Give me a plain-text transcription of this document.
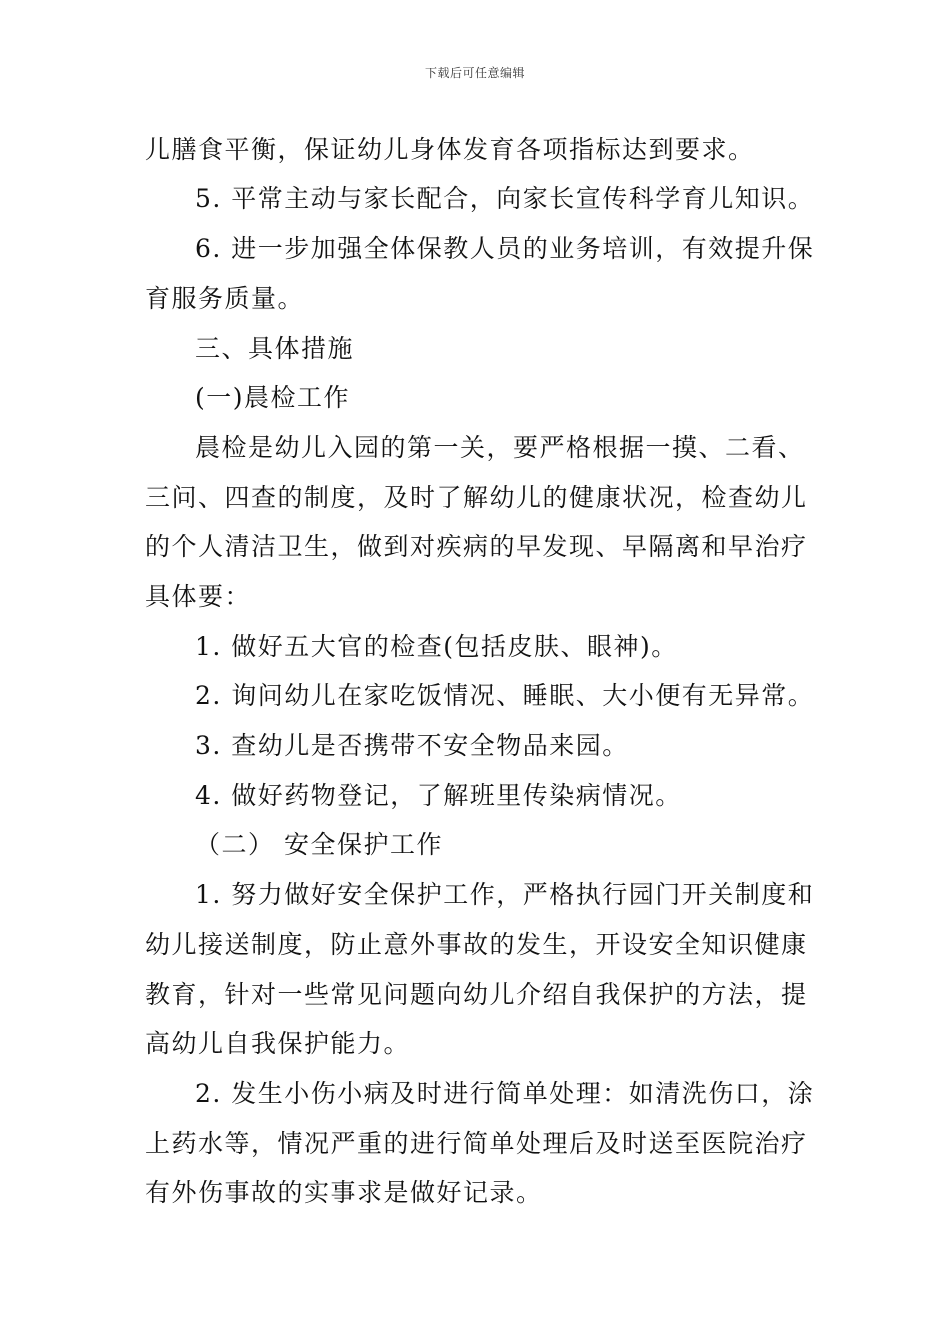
下载后可任意编辑
儿膳食平衡，保证幼儿身体发育各项指标达到要求。
5. 平常主动与家长配合，向家长宣传科学育儿知识。
6. 进一步加强全体保教人员的业务培训，有效提升保
育服务质量。
三、具体措施
(一)晨检工作
晨检是幼儿入园的第一关，要严格根据一摸、二看、
三问、四查的制度，及时了解幼儿的健康状况，检查幼儿
的个人清洁卫生，做到对疾病的早发现、早隔离和早治疗
具体要：
1. 做好五大官的检查(包括皮肤、眼神)。
2. 询问幼儿在家吃饭情况、睡眠、大小便有无异常。
3. 查幼儿是否携带不安全物品来园。
4. 做好药物登记，了解班里传染病情况。
（二） 安全保护工作
1. 努力做好安全保护工作，严格执行园门开关制度和
幼儿接送制度，防止意外事故的发生，开设安全知识健康
教育，针对一些常见问题向幼儿介绍自我保护的方法，提
高幼儿自我保护能力。
2. 发生小伤小病及时进行简单处理：如清洗伤口，涂
上药水等，情况严重的进行简单处理后及时送至医院治疗
有外伤事故的实事求是做好记录。
